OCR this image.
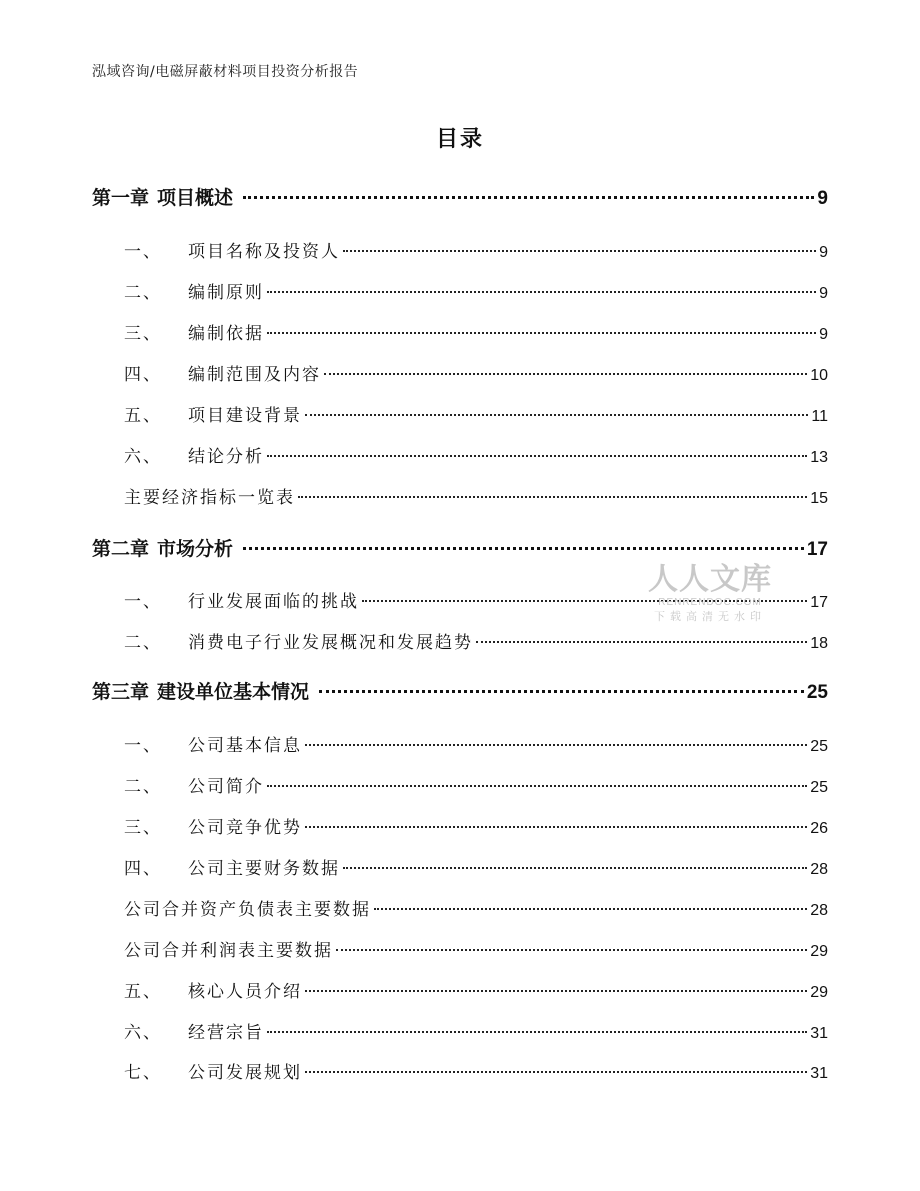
泓域咨询/电磁屏蔽材料项目投资分析报告
目录
第一章 项目概述	9
一、 项目名称及投资人	9
二、 编制原则	9
三、 编制依据	9
四、 编制范围及内容	10
五、 项目建设背景	11
六、 结论分析	13
主要经济指标一览表	15
第二章 市场分析	17
一、 行业发展面临的挑战	17
二、 消费电子行业发展概况和发展趋势	18
第三章 建设单位基本情况	25
一、 公司基本信息	25
二、 公司简介	25
三、 公司竞争优势	26
四、 公司主要财务数据	28
公司合并资产负债表主要数据	28
公司合并利润表主要数据	29
五、 核心人员介绍	29
六、 经营宗旨	31
七、 公司发展规划	31
人人文库
RENRENDOC.COM
下载高清无水印
